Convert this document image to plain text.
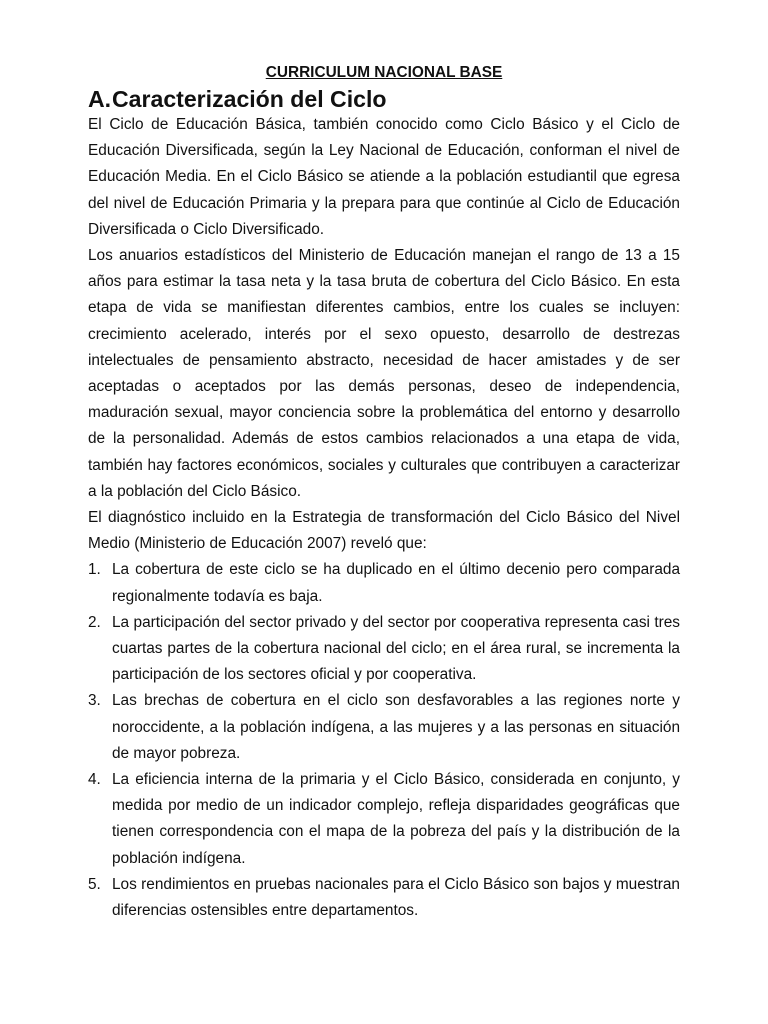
CURRICULUM NACIONAL BASE
A. Caracterización del Ciclo

El Ciclo de Educación Básica, también conocido como Ciclo Básico y el Ciclo de Educación Diversificada, según la Ley Nacional de Educación, conforman el nivel de Educación Media. En el Ciclo Básico se atiende a la población estudiantil que egresa del nivel de Educación Primaria y la prepara para que continúe al Ciclo de Educación Diversificada o Ciclo Diversificado.

Los anuarios estadísticos del Ministerio de Educación manejan el rango de 13 a 15 años para estimar la tasa neta y la tasa bruta de cobertura del Ciclo Básico. En esta etapa de vida se manifiestan diferentes cambios, entre los cuales se incluyen: crecimiento acelerado, interés por el sexo opuesto, desarrollo de destrezas intelectuales de pensamiento abstracto, necesidad de hacer amistades y de ser aceptadas o aceptados por las demás personas, deseo de independencia, maduración sexual, mayor conciencia sobre la problemática del entorno y desarrollo de la personalidad. Además de estos cambios relacionados a una etapa de vida, también hay factores económicos, sociales y culturales que contribuyen a caracterizar a la población del Ciclo Básico.

El diagnóstico incluido en la Estrategia de transformación del Ciclo Básico del Nivel Medio (Ministerio de Educación 2007) reveló que:

1. La cobertura de este ciclo se ha duplicado en el último decenio pero comparada regionalmente todavía es baja.
2. La participación del sector privado y del sector por cooperativa representa casi tres cuartas partes de la cobertura nacional del ciclo; en el área rural, se incrementa la participación de los sectores oficial y por cooperativa.
3. Las brechas de cobertura en el ciclo son desfavorables a las regiones norte y noroccidente, a la población indígena, a las mujeres y a las personas en situación de mayor pobreza.
4. La eficiencia interna de la primaria y el Ciclo Básico, considerada en conjunto, y medida por medio de un indicador complejo, refleja disparidades geográficas que tienen correspondencia con el mapa de la pobreza del país y la distribución de la población indígena.
5. Los rendimientos en pruebas nacionales para el Ciclo Básico son bajos y muestran diferencias ostensibles entre departamentos.
